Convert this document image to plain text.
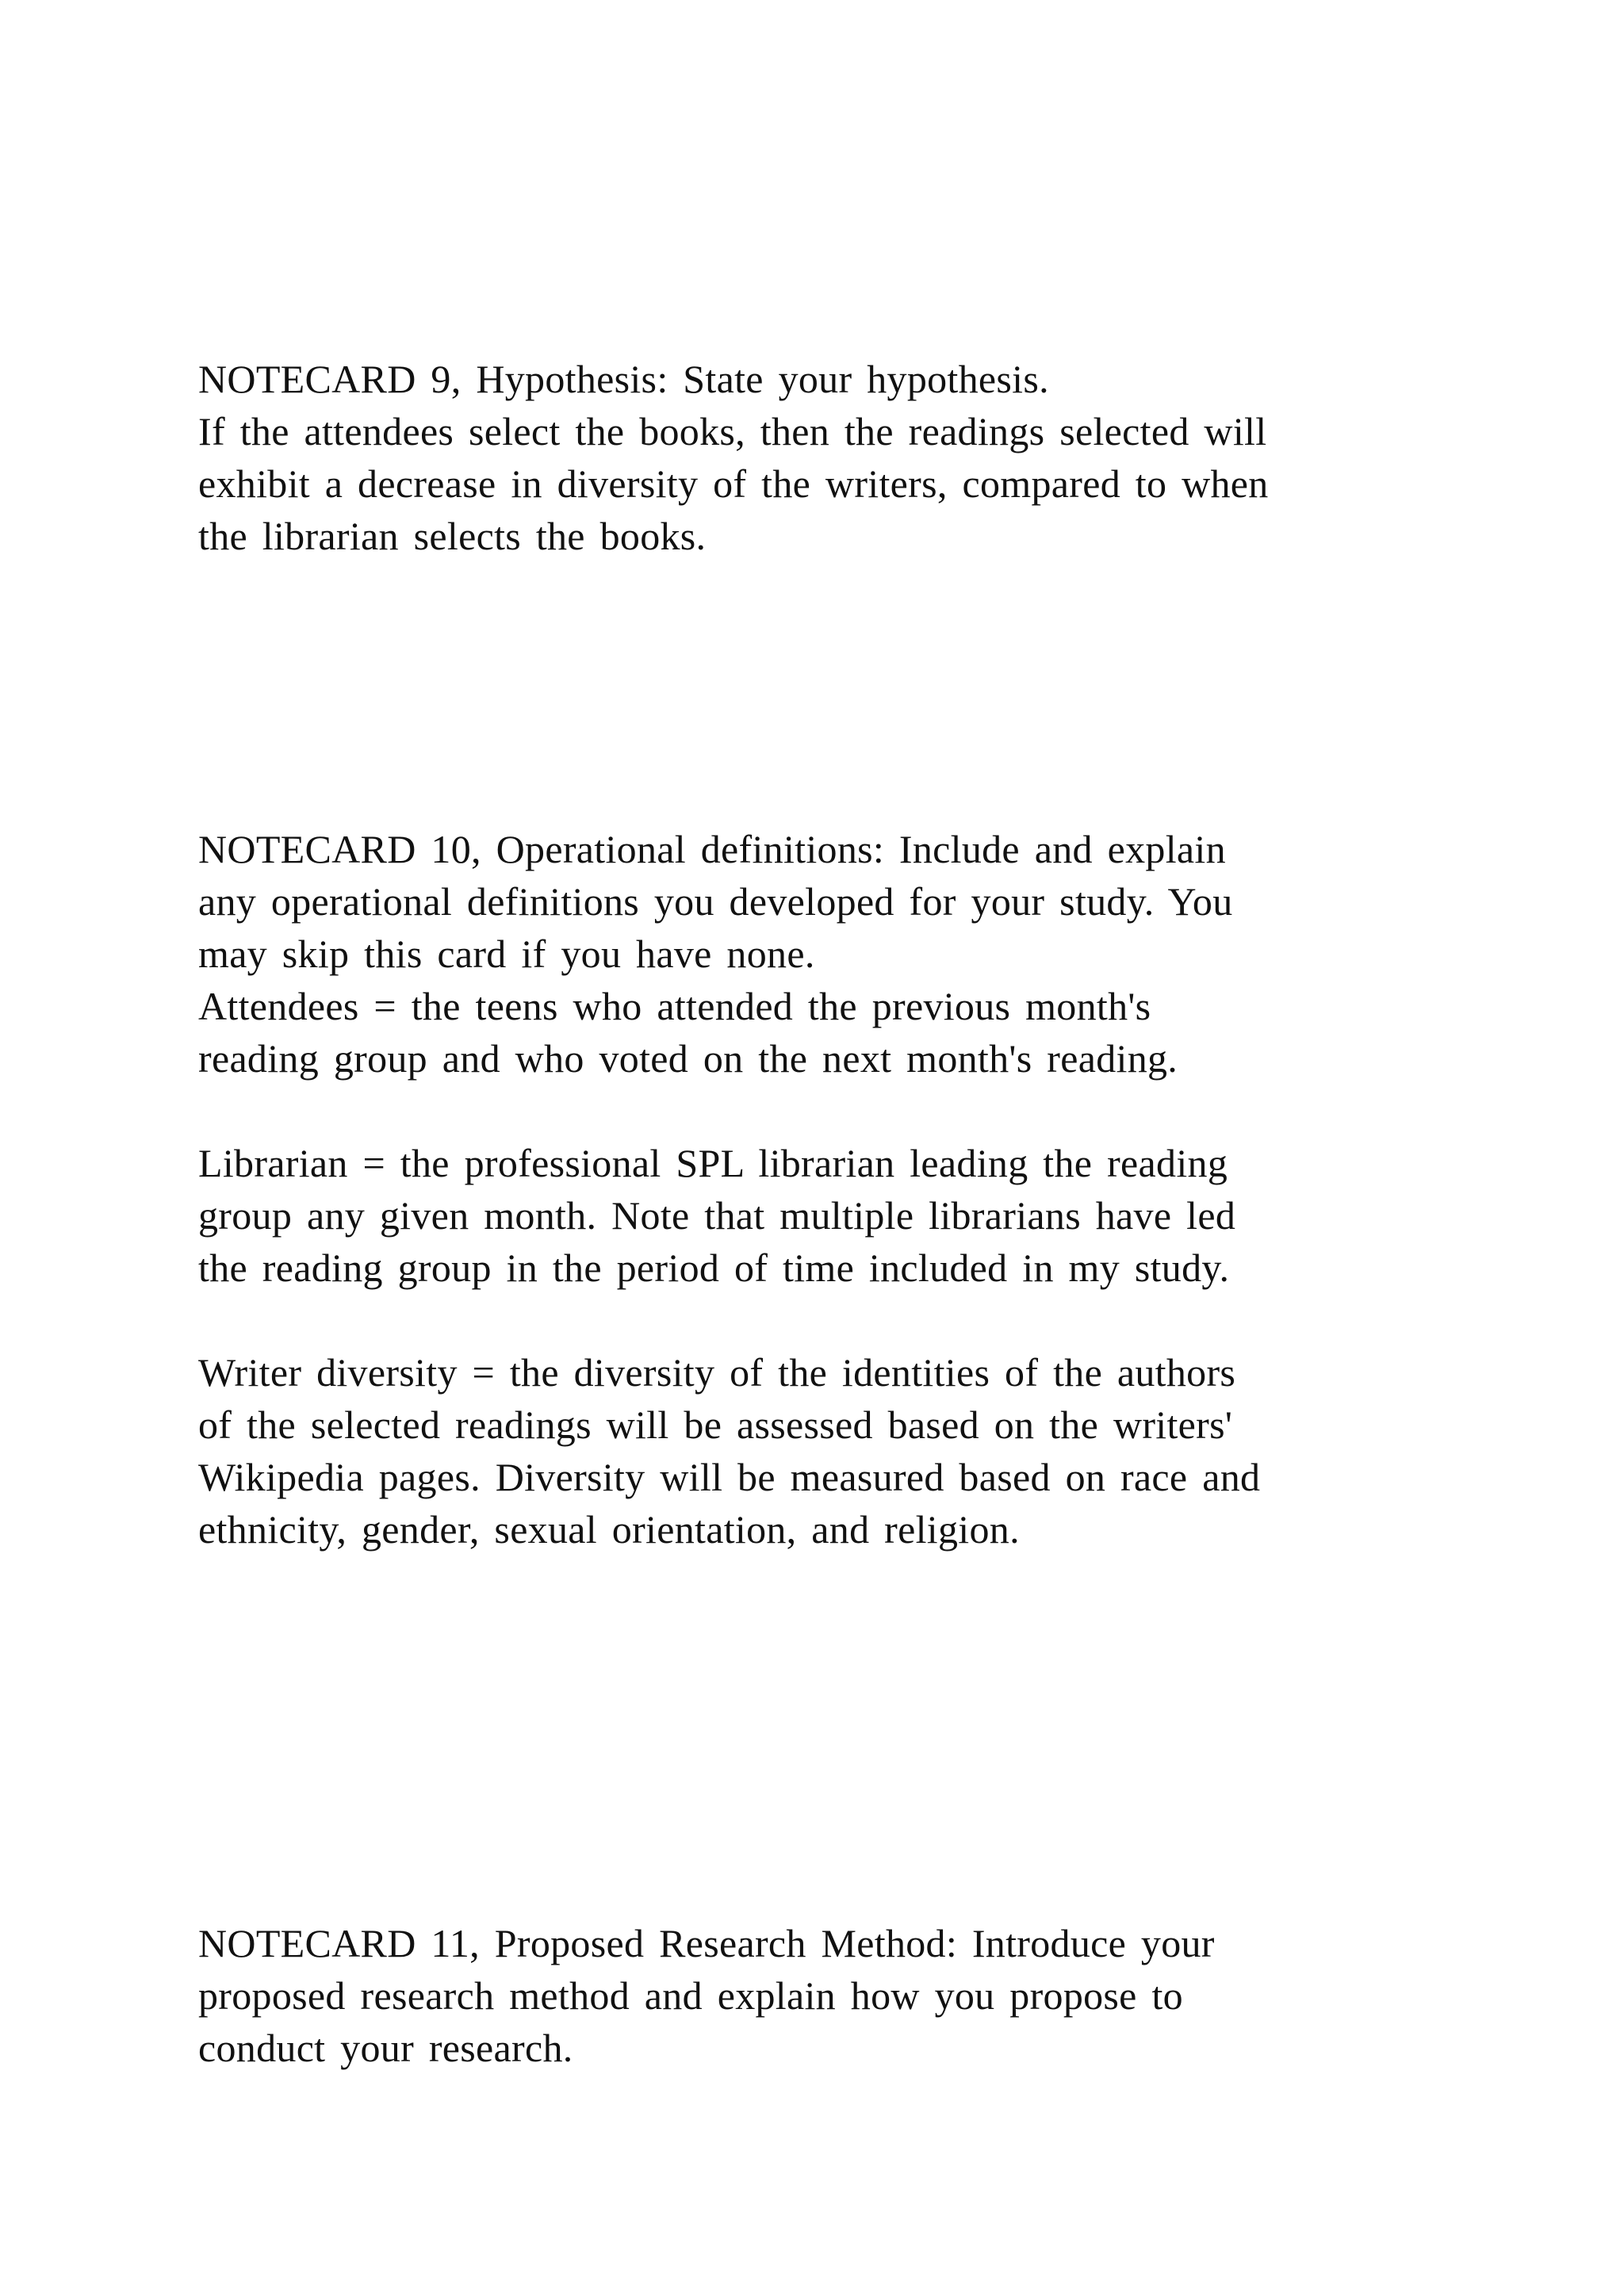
NOTECARD 9, Hypothesis: State your hypothesis.
If the attendees select the books, then the readings selected will
exhibit a decrease in diversity of the writers, compared to when
the librarian selects the books.
NOTECARD 10, Operational definitions: Include and explain
any operational definitions you developed for your study. You
may skip this card if you have none.
Attendees = the teens who attended the previous month's
reading group and who voted on the next month's reading.
Librarian = the professional SPL librarian leading the reading
group any given month. Note that multiple librarians have led
the reading group in the period of time included in my study.
Writer diversity = the diversity of the identities of the authors
of the selected readings will be assessed based on the writers'
Wikipedia pages. Diversity will be measured based on race and
ethnicity, gender, sexual orientation, and religion.
NOTECARD 11, Proposed Research Method: Introduce your
proposed research method and explain how you propose to
conduct your research.
